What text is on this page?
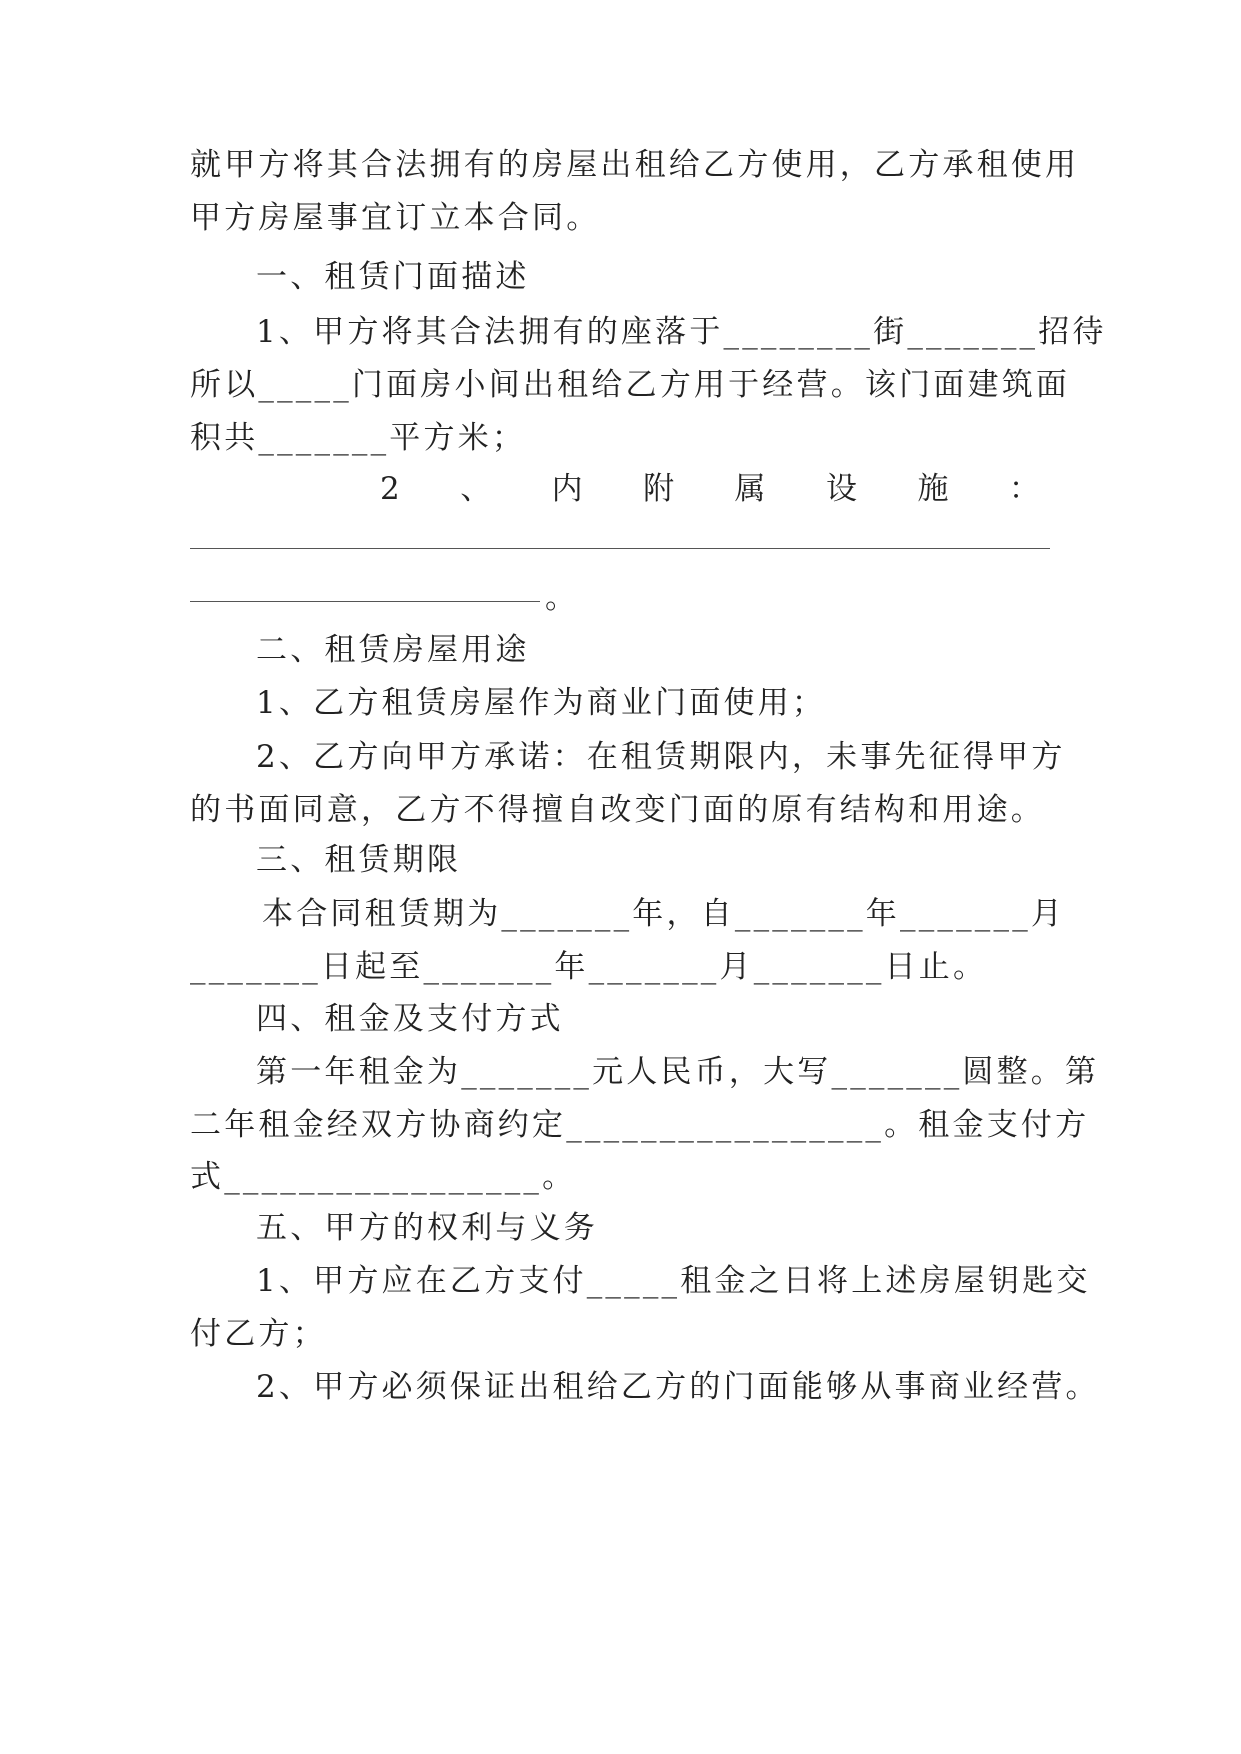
就甲方将其合法拥有的房屋出租给乙方使用，乙方承租使用
甲方房屋事宜订立本合同。
一、租赁门面描述
1、甲方将其合法拥有的座落于________街_______招待
所以_____门面房小间出租给乙方用于经营。该门面建筑面
积共_______平方米；
2 、 内 附 属 设 施 ：
。
二、租赁房屋用途
1、乙方租赁房屋作为商业门面使用；
2、乙方向甲方承诺：在租赁期限内，未事先征得甲方
的书面同意，乙方不得擅自改变门面的原有结构和用途。
三、租赁期限
本合同租赁期为_______年，自_______年_______月
_______日起至_______年_______月_______日止。
四、租金及支付方式
第一年租金为_______元人民币，大写_______圆整。第
二年租金经双方协商约定_________________。租金支付方
式_________________。
五、甲方的权利与义务
1、甲方应在乙方支付_____租金之日将上述房屋钥匙交
付乙方；
2、甲方必须保证出租给乙方的门面能够从事商业经营。
